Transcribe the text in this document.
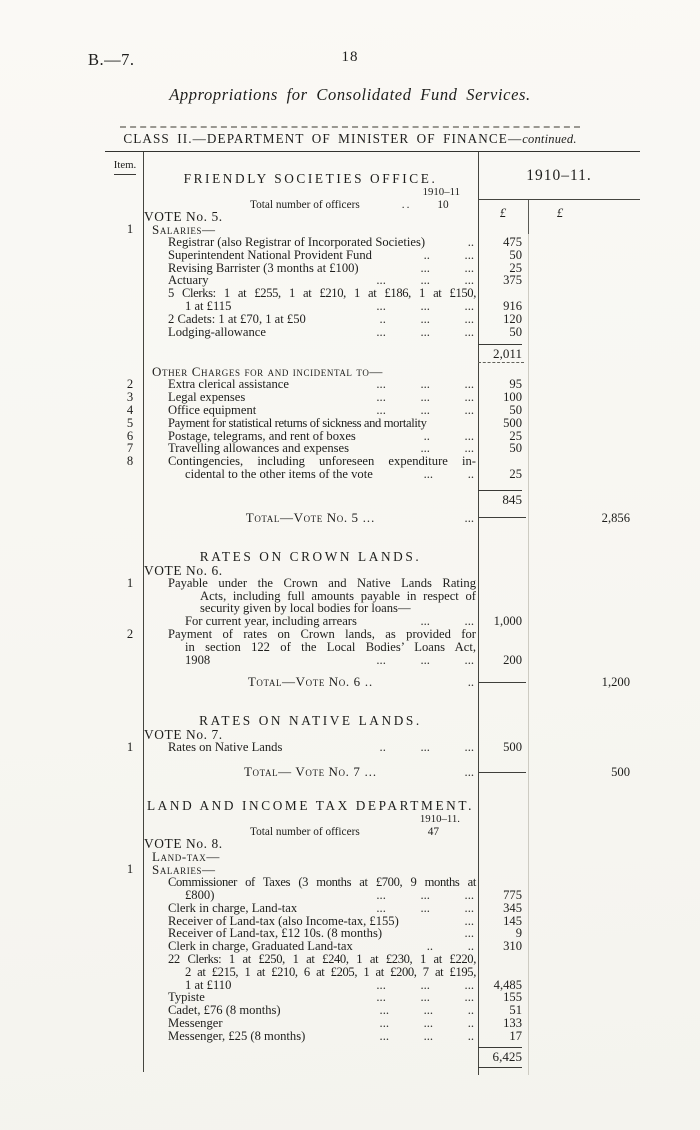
B.—7.	18
Appropriations for Consolidated Fund Services.
CLASS II.—DEPARTMENT OF MINISTER OF FINANCE—continued.
Item.
1910–11.
£	£
FRIENDLY SOCIETIES OFFICE.
1910–11
Total number of officers	.. 10
VOTE No. 5.
1	Salaries—
Registrar (also Registrar of Incorporated Societies)	..	475
Superintendent National Provident Fund	..           ...	50
Revising Barrister (3 months at £100)	...           ...	25
Actuary	...           ...           ...	375
5 Clerks: 1 at £255, 1 at £210, 1 at £186, 1 at £150,
1 at £115	...           ...           ...	916
2 Cadets: 1 at £70, 1 at £50	..           ...           ...	120
Lodging-allowance	...           ...           ...	50
2,011
Other Charges for and incidental to—
2	Extra clerical assistance	...           ...           ...	95
3	Legal expenses	...           ...           ...	100
4	Office equipment	...           ...           ...	50
5	Payment for statistical returns of sickness and mortality	500
6	Postage, telegrams, and rent of boxes	..           ...	25
7	Travelling allowances and expenses	...           ...	50
8	Contingencies, including unforeseen expenditure in-
cidental to the other items of the vote	...           ..	25
845
Total—Vote No. 5 ...	...	2,856
RATES ON CROWN LANDS.
VOTE No. 6.
1	Payable under the Crown and Native Lands Rating
Acts, including full amounts payable in respect of
security given by local bodies for loans—
For current year, including arrears	...           ...	1,000
2	Payment of rates on Crown lands, as provided for
in section 122 of the Local Bodies’ Loans Act,
1908	...           ...           ...	200
Total—Vote No. 6 ..	..	1,200
RATES ON NATIVE LANDS.
VOTE No. 7.
1	Rates on Native Lands	..           ...           ...	500
Total— Vote No. 7 ...	...	500
LAND AND INCOME TAX DEPARTMENT.
1910–11.
Total number of officers	47
VOTE No. 8.
Land-tax—
1	Salaries—
Commissioner of Taxes (3 months at £700, 9 months at
£800)	...           ...           ...	775
Clerk in charge, Land-tax	...           ...           ...	345
Receiver of Land-tax (also Income-tax, £155)	...	145
Receiver of Land-tax, £12 10s. (8 months)	...	9
Clerk in charge, Graduated Land-tax	..           ..	310
22 Clerks: 1 at £250, 1 at £240, 1 at £230, 1 at £220,
2 at £215, 1 at £210, 6 at £205, 1 at £200, 7 at £195,
1 at £110	...           ...           ...	4,485
Typiste	...           ...           ...	155
Cadet, £76 (8 months)	...           ...           ..	51
Messenger	...           ...           ..	133
Messenger, £25 (8 months)	...           ...           ..	17
6,425
